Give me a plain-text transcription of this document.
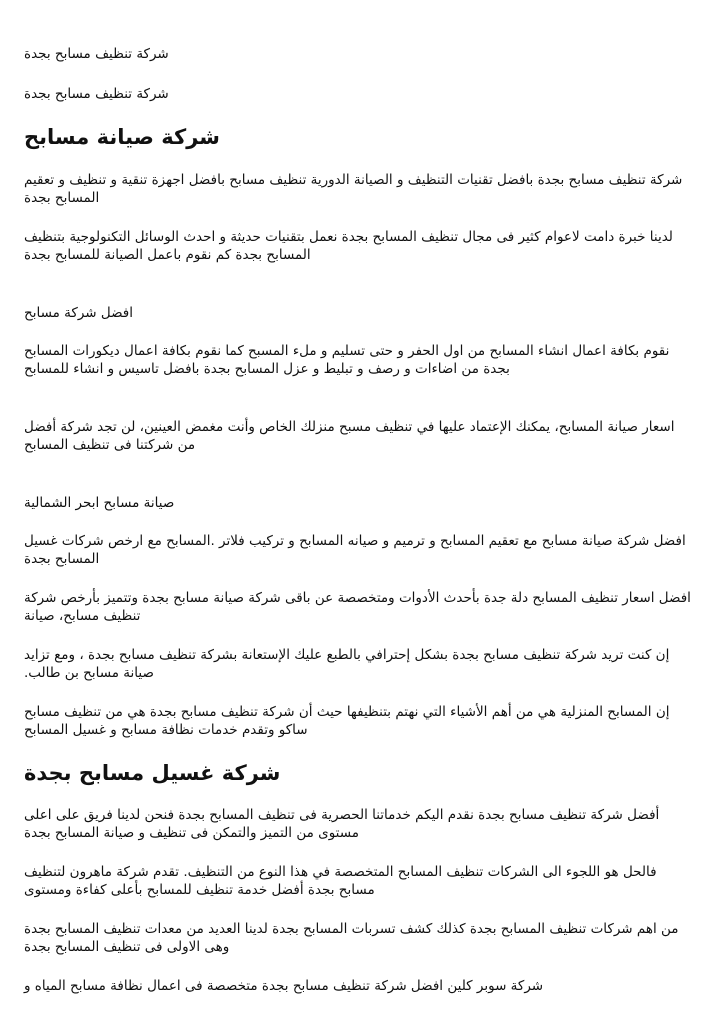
شركة تنظيف مسابح بجدة
شركة تنظيف مسابح بجدة
شركة صيانة مسابح
شركة تنظيف مسابح بجدة بافضل تقنيات التنظيف و الصيانة الدورية تنظيف مسابح بافضل اجهزة تنقية و تنظيف و تعقيم المسابح بجدة
لدينا خبرة دامت لاعوام كثير فى مجال تنظيف المسابح بجدة نعمل بتقنيات حديثة و احدث الوسائل التكنولوجية بتنظيف المسابح بجدة كم نقوم باعمل الصيانة للمسابح بجدة
افضل شركة مسابح
نقوم بكافة اعمال انشاء المسابح من اول الحفر و حتى تسليم و ملء المسبح كما نقوم بكافة اعمال ديكورات المسابح بجدة من اضاءات و رصف و تبليط و عزل المسابح بجدة بافضل تاسيس و انشاء للمسابح
اسعار صيانة المسابح، يمكنك الإعتماد عليها في تنظيف مسبح منزلك الخاص وأنت مغمض العينين، لن تجد شركة أفضل من شركتنا فى تنظيف المسابح
صيانة مسابح ابحر الشمالية
افضل شركة صيانة مسابح مع تعقيم المسابح و ترميم و صيانه المسابح و تركيب فلاتر .المسابح مع ارخص شركات غسيل المسابح بجدة
افضل اسعار تنظيف المسابح دلة جدة بأحدث الأدوات ومتخصصة عن باقى شركة صيانة مسابح بجدة وتتميز بأرخص شركة تنظيف مسابح، صيانة
إن كنت تريد شركة تنظيف مسابح بجدة بشكل إحترافي بالطبع عليك الإستعانة بشركة تنظيف مسابح بجدة ، ومع تزايد صيانة مسابح بن طالب.
إن المسابح المنزلية هي من أهم الأشياء التي نهتم بتنظيفها حيث أن شركة تنظيف مسابح بجدة هي من تنظيف مسابح ساكو وتقدم خدمات نظافة مسابح و غسيل المسابح
شركة غسيل مسابح بجدة
أفضل شركة تنظيف مسابح بجدة نقدم اليكم خدماتنا الحصرية فى تنظيف المسابح بجدة فنحن لدينا فريق على اعلى مستوى من التميز والتمكن فى تنظيف و صيانة المسابح بجدة
فالحل هو اللجوء الى الشركات تنظيف المسابح المتخصصة في هذا النوع من التنظيف. تقدم شركة ماهرون لتنظيف مسابح بجدة أفضل خدمة تنظيف للمسابح بأعلى كفاءة ومستوى
من اهم شركات تنظيف المسابح بجدة كذلك كشف تسربات المسابح بجدة لدينا العديد من معدات تنظيف المسابح بجدة وهى الاولى فى تنظيف المسابح بجدة
شركة سوبر كلين افضل شركة تنظيف مسابح بجدة متخصصة فى اعمال نظافة مسابح المياه و
